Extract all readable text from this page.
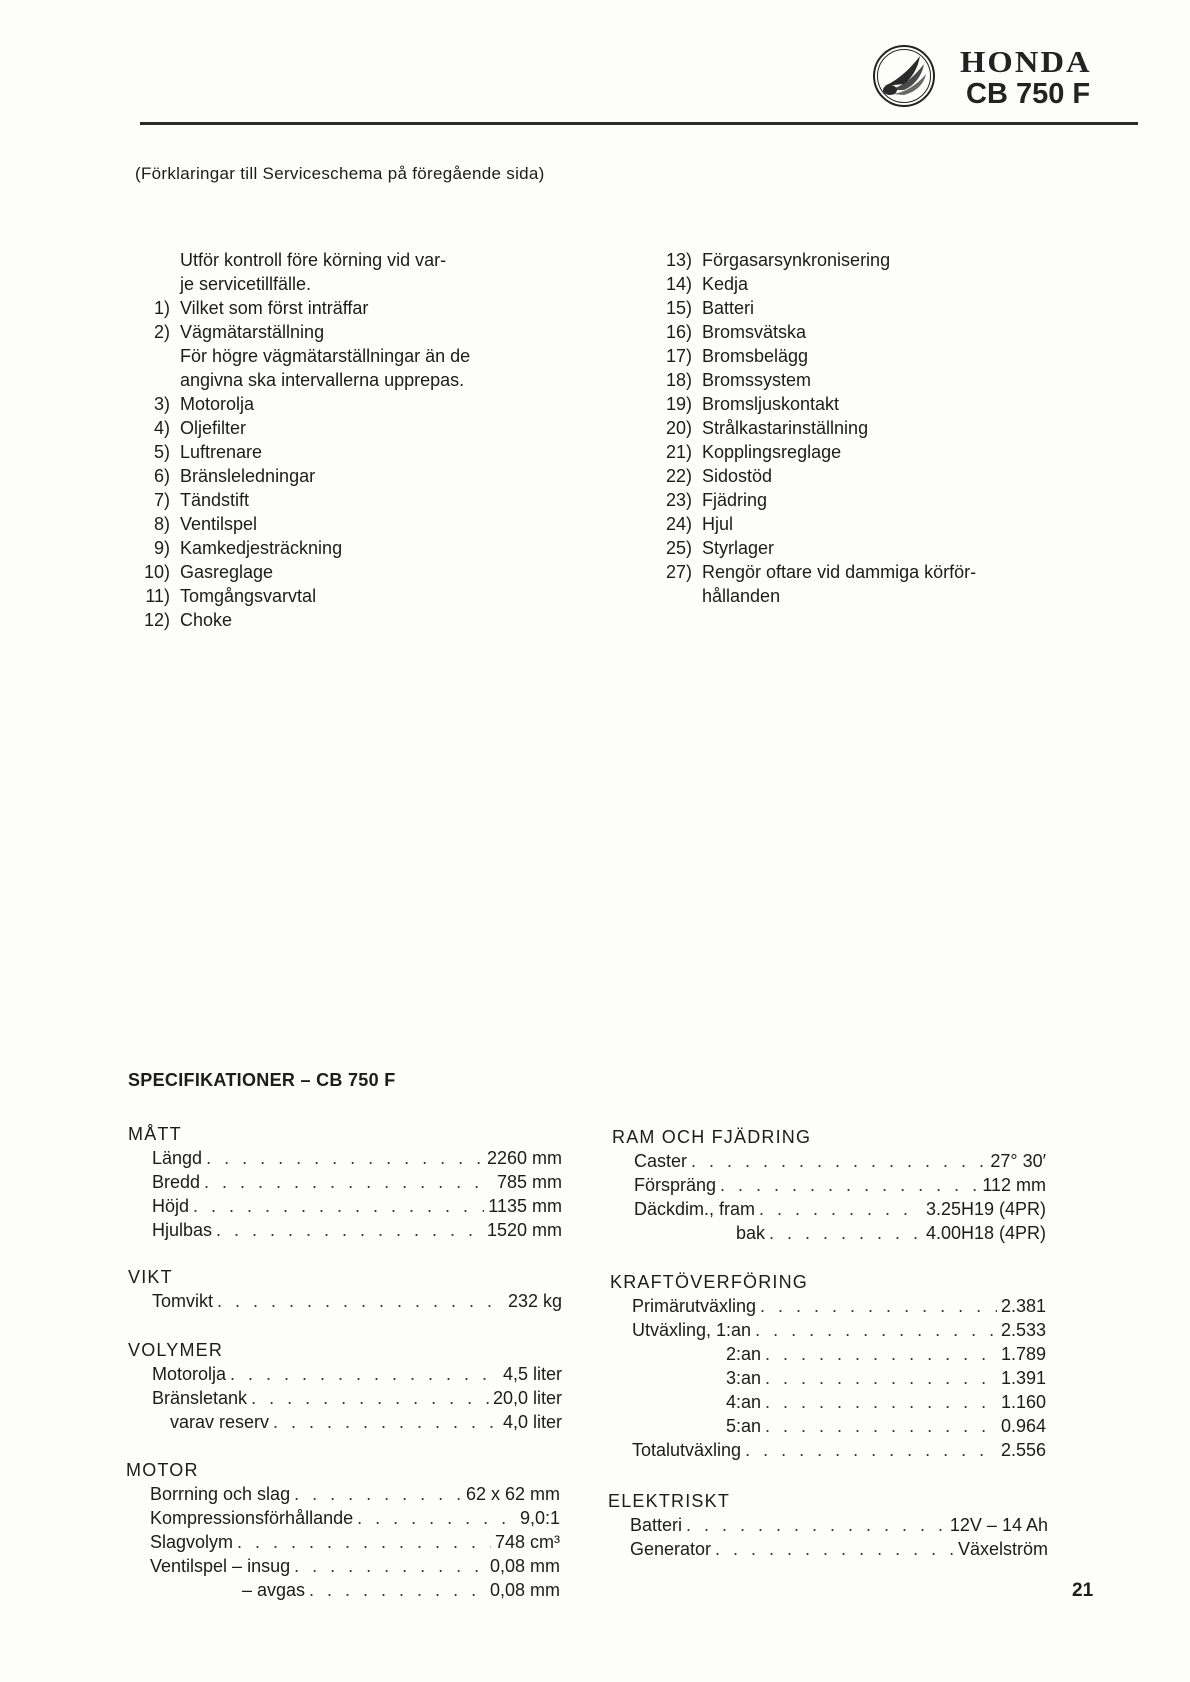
HONDA
CB 750 F
(Förklaringar till Serviceschema på föregående sida)
Utför kontroll före körning vid var-
je servicetillfälle.
1) Vilket som först inträffar
2) Vägmätarställning
För högre vägmätarställningar än de
angivna ska intervallerna upprepas.
3) Motorolja
4) Oljefilter
5) Luftrenare
6) Bränsleledningar
7) Tändstift
8) Ventilspel
9) Kamkedjesträckning
10) Gasreglage
11) Tomgångsvarvtal
12) Choke
13) Förgasarsynkronisering
14) Kedja
15) Batteri
16) Bromsvätska
17) Bromsbelägg
18) Bromssystem
19) Bromsljuskontakt
20) Strålkastarinställning
21) Kopplingsreglage
22) Sidostöd
23) Fjädring
24) Hjul
25) Styrlager
27) Rengör oftare vid dammiga körför-
hållanden
SPECIFIKATIONER – CB 750 F
MÅTT
Längd . . .	2260 mm
Bredd . . .	785 mm
Höjd . . .	1135 mm
Hjulbas . . .	1520 mm
VIKT
Tomvikt . . .	232 kg
VOLYMER
Motorolja . . .	4,5 liter
Bränsletank . . .	20,0 liter
varav reserv . . .	4,0 liter
MOTOR
Borrning och slag . . .	62 x 62 mm
Kompressionsförhållande . . .	9,0:1
Slagvolym . . .	748 cm³
Ventilspel – insug . . .	0,08 mm
– avgas . . .	0,08 mm
RAM OCH FJÄDRING
Caster . . .	27° 30′
Förspräng . . .	112 mm
Däckdim., fram . . .	3.25H19 (4PR)
bak . . .	4.00H18 (4PR)
KRAFTÖVERFÖRING
Primärutväxling . . .	2.381
Utväxling, 1:an . . .	2.533
2:an . . .	1.789
3:an . . .	1.391
4:an . . .	1.160
5:an . . .	0.964
Totalutväxling . . .	2.556
ELEKTRISKT
Batteri . . .	12V – 14 Ah
Generator . . .	Växelström
21
